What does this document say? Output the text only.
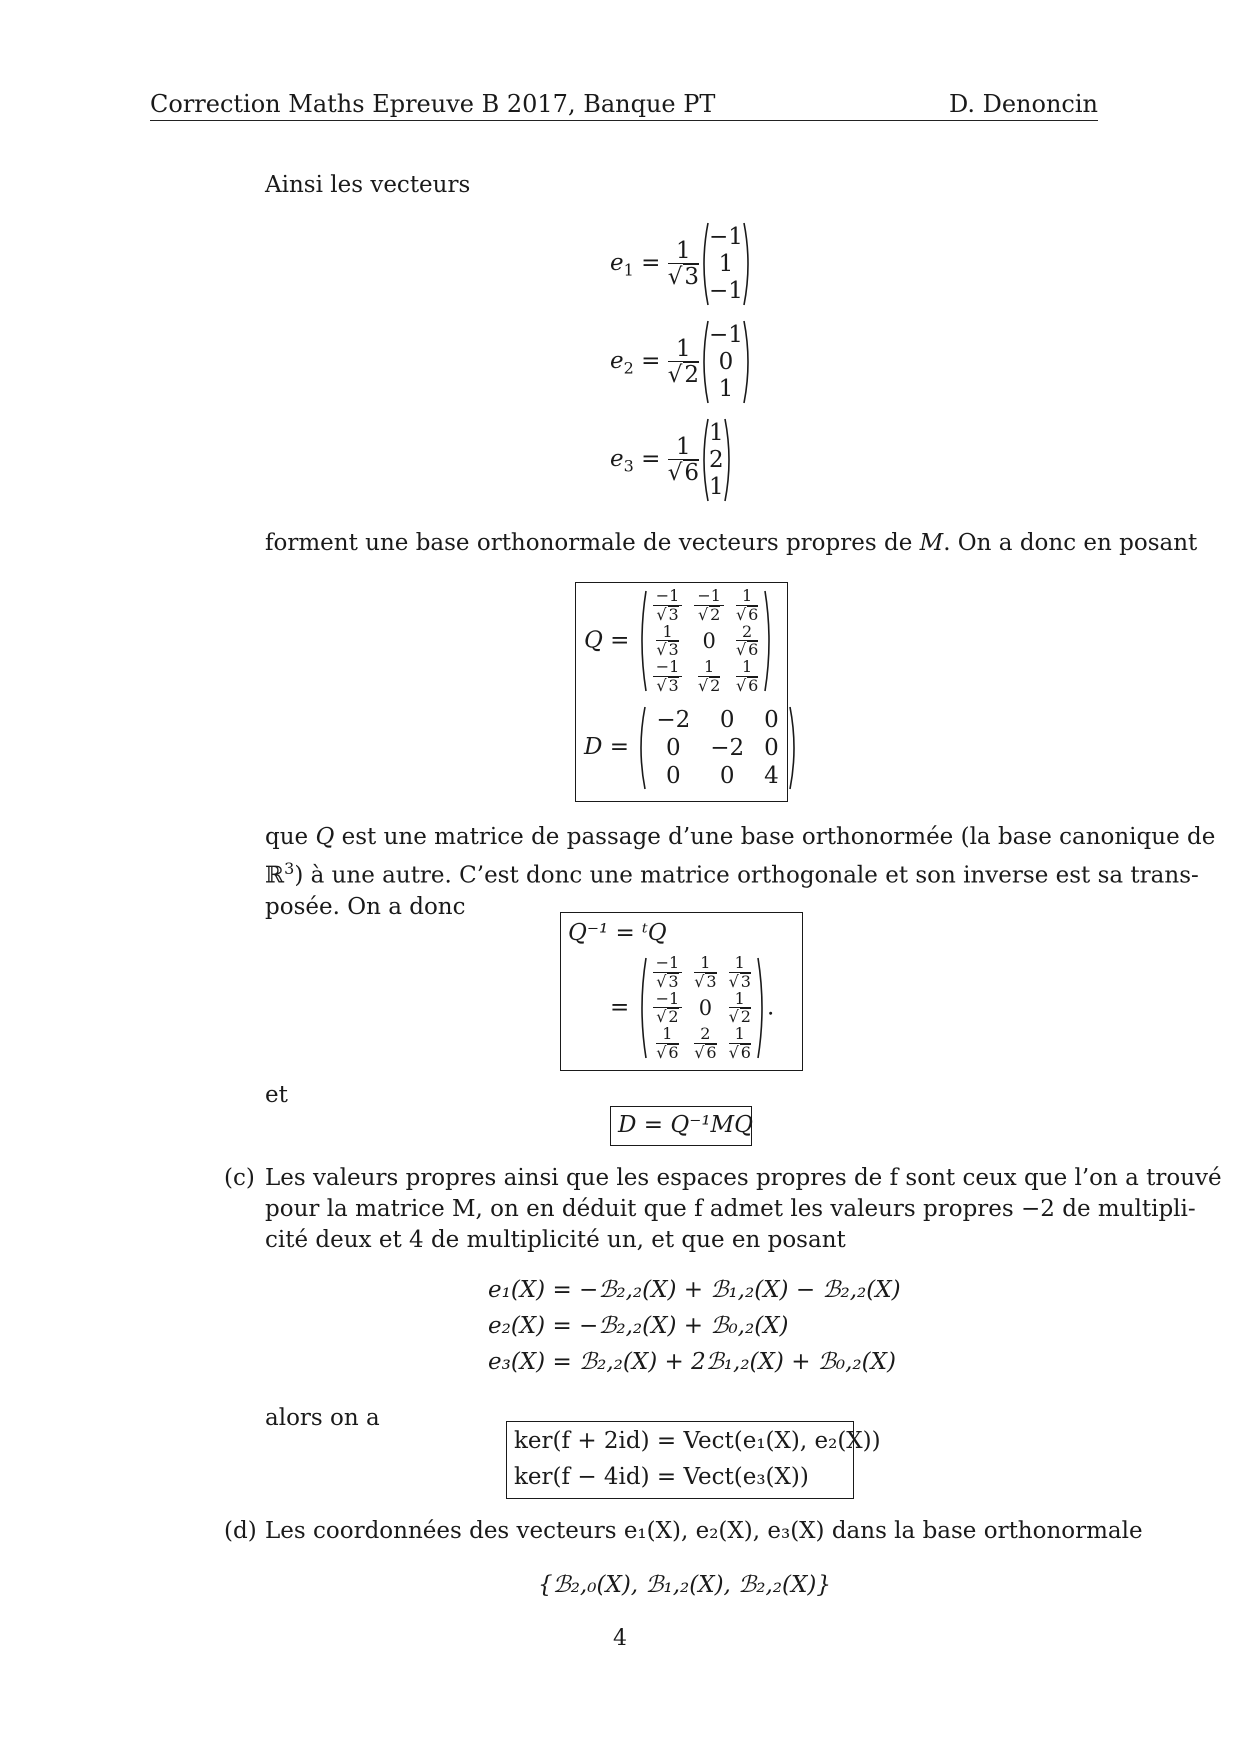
Correction Maths Epreuve B 2017, Banque PT	D. Denoncin
Ainsi les vecteurs
$e_1 = \frac{1}{√3}$
−1
1
−1
$e_2 = \frac{1}{√2}$
−1
0
1
$e_3 = \frac{1}{√6}$
1
2
1
forment une base orthonormale de vecteurs propres de M. On a donc en posant
Q =
$\frac{-1}{√ 3}$	$\frac{-1}{√ 2}$	$\frac{1}{√ 6}$

$\frac{1}{√ 3}$	0	$\frac{2}{√ 6}$

$\frac{-1}{√ 3}$	$\frac{1}{√ 2}$	$\frac{1}{√ 6}$
D = −2	0	0
0	−2	0
0	0	4
que Q est une matrice de passage d’une base orthonormée (la base canonique de
ℝ$^3$) à une autre. C’est donc une matrice orthogonale et son inverse est sa trans-
posée. On a donc
Q⁻¹ = ᵗQ
=
$\frac{-1}{√ 3}$	$\frac{1}{√ 3}$	$\frac{1}{√ 3}$

$\frac{-1}{√ 2}$	0	$\frac{1}{√ 2}$

$\frac{1}{√ 6}$	$\frac{2}{√ 6}$	$\frac{1}{√ 6}$
.
et
D = Q⁻¹MQ
(c) Les valeurs propres ainsi que les espaces propres de f sont ceux que l’on a trouvé
pour la matrice M, on en déduit que f admet les valeurs propres −2 de multipli-
cité deux et 4 de multiplicité un, et que en posant
e₁(X) = −ℬ₂,₂(X) + ℬ₁,₂(X) − ℬ₂,₂(X)
e₂(X) = −ℬ₂,₂(X) + ℬ₀,₂(X)
e₃(X) = ℬ₂,₂(X) + 2ℬ₁,₂(X) + ℬ₀,₂(X)
alors on a
ker(f + 2id) = Vect(e₁(X), e₂(X))
ker(f − 4id) = Vect(e₃(X))
(d) Les coordonnées des vecteurs e₁(X), e₂(X), e₃(X) dans la base orthonormale
{ℬ₂,₀(X), ℬ₁,₂(X), ℬ₂,₂(X)}
4
